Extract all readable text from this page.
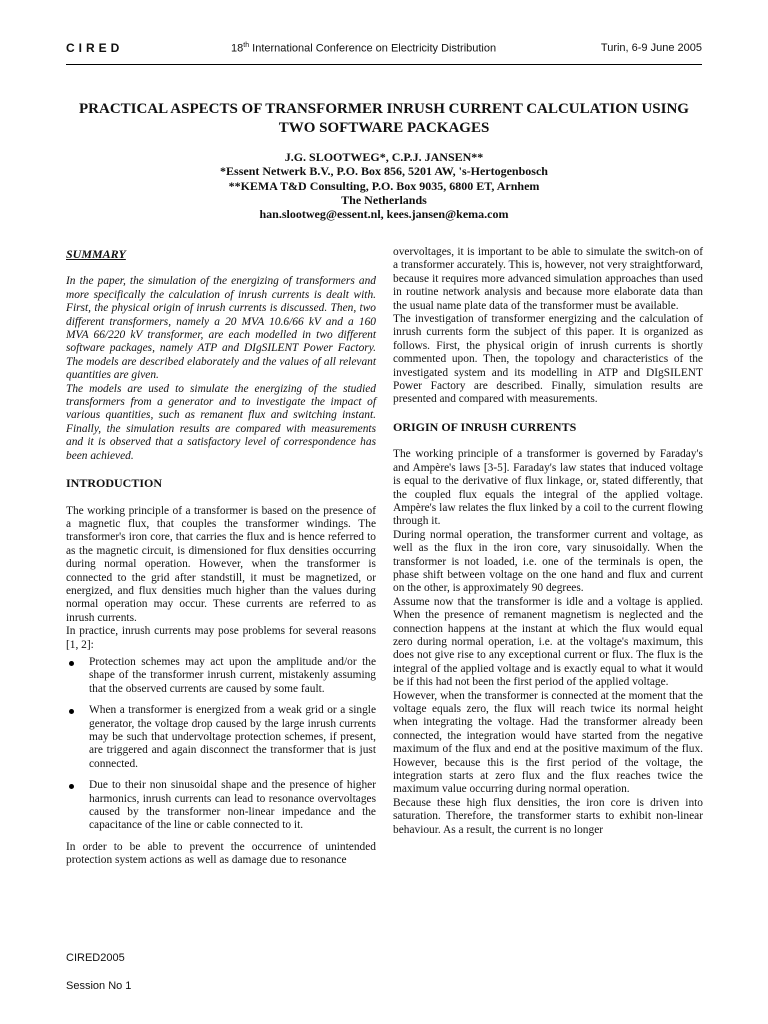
CIRED	18th International Conference on Electricity Distribution	Turin, 6-9 June 2005
PRACTICAL ASPECTS OF TRANSFORMER INRUSH CURRENT CALCULATION USING
TWO SOFTWARE PACKAGES
J.G. SLOOTWEG*, C.P.J. JANSEN**
*Essent Netwerk B.V., P.O. Box 856, 5201 AW, 's-Hertogenbosch
**KEMA T&D Consulting, P.O. Box 9035, 6800 ET, Arnhem
The Netherlands
han.slootweg@essent.nl, kees.jansen@kema.com
SUMMARY

In the paper, the simulation of the energizing of transformers and more specifically the calculation of inrush currents is dealt with. First, the physical origin of inrush currents is discussed. Then, two different transformers, namely a 20 MVA 10.6/66 kV and a 160 MVA 66/220 kV transformer, are each modelled in two different software packages, namely ATP and DIgSILENT Power Factory. The models are described elaborately and the values of all relevant quantities are given.

The models are used to simulate the energizing of the studied transformers from a generator and to investigate the impact of various quantities, such as remanent flux and switching instant. Finally, the simulation results are compared with measurements and it is observed that a satisfactory level of correspondence has been achieved.

INTRODUCTION

The working principle of a transformer is based on the presence of a magnetic flux, that couples the transformer windings. The transformer's iron core, that carries the flux and is hence referred to as the magnetic circuit, is dimensioned for flux densities occurring during normal operation. However, when the transformer is connected to the grid after standstill, it must be magnetized, or energized, and flux densities much higher than the values during normal operation may occur. These currents are referred to as inrush currents.

In practice, inrush currents may pose problems for several reasons [1, 2]:

Protection schemes may act upon the amplitude and/or the shape of the transformer inrush current, mistakenly assuming that the observed currents are caused by some fault.
When a transformer is energized from a weak grid or a single generator, the voltage drop caused by the large inrush currents may be such that undervoltage protection schemes, if present, are triggered and again disconnect the transformer that is just connected.
Due to their non sinusoidal shape and the presence of higher harmonics, inrush currents can lead to resonance overvoltages caused by the transformer non-linear impedance and the capacitance of the line or cable connected to it.

In order to be able to prevent the occurrence of unintended protection system actions as well as damage due to resonance

overvoltages, it is important to be able to simulate the switch-on of a transformer accurately. This is, however, not very straightforward, because it requires more advanced simulation approaches than used in routine network analysis and because more elaborate data than the usual name plate data of the transformer must be available.

The investigation of transformer energizing and the calculation of inrush currents form the subject of this paper. It is organized as follows. First, the physical origin of inrush currents is shortly commented upon. Then, the topology and characteristics of the investigated system and its modelling in ATP and DIgSILENT Power Factory are described. Finally, simulation results are presented and compared with measurements.

ORIGIN OF INRUSH CURRENTS

The working principle of a transformer is governed by Faraday's and Ampère's laws [3-5]. Faraday's law states that induced voltage is equal to the derivative of flux linkage, or, stated differently, that the coupled flux equals the integral of the applied voltage. Ampère's law relates the flux linked by a coil to the current flowing through it.

During normal operation, the transformer current and voltage, as well as the flux in the iron core, vary sinusoidally. When the transformer is not loaded, i.e. one of the terminals is open, the phase shift between voltage on the one hand and flux and current on the other, is approximately 90 degrees.

Assume now that the transformer is idle and a voltage is applied. When the presence of remanent magnetism is neglected and the connection happens at the instant at which the flux would equal zero during normal operation, i.e. at the voltage's maximum, this does not give rise to any exceptional current or flux. The flux is the integral of the applied voltage and is exactly equal to what it would be if this had not been the first period of the applied voltage.

However, when the transformer is connected at the moment that the voltage equals zero, the flux will reach twice its normal height when integrating the voltage. Had the transformer already been connected, the integration would have started from the negative maximum of the flux and end at the positive maximum of the flux. However, because this is the first period of the voltage, the integration starts at zero flux and the flux reaches twice the maximum value occurring during normal operation.

Because these high flux densities, the iron core is driven into saturation. Therefore, the transformer starts to exhibit non-linear behaviour. As a result, the current is no longer

CIRED2005
Session No 1
